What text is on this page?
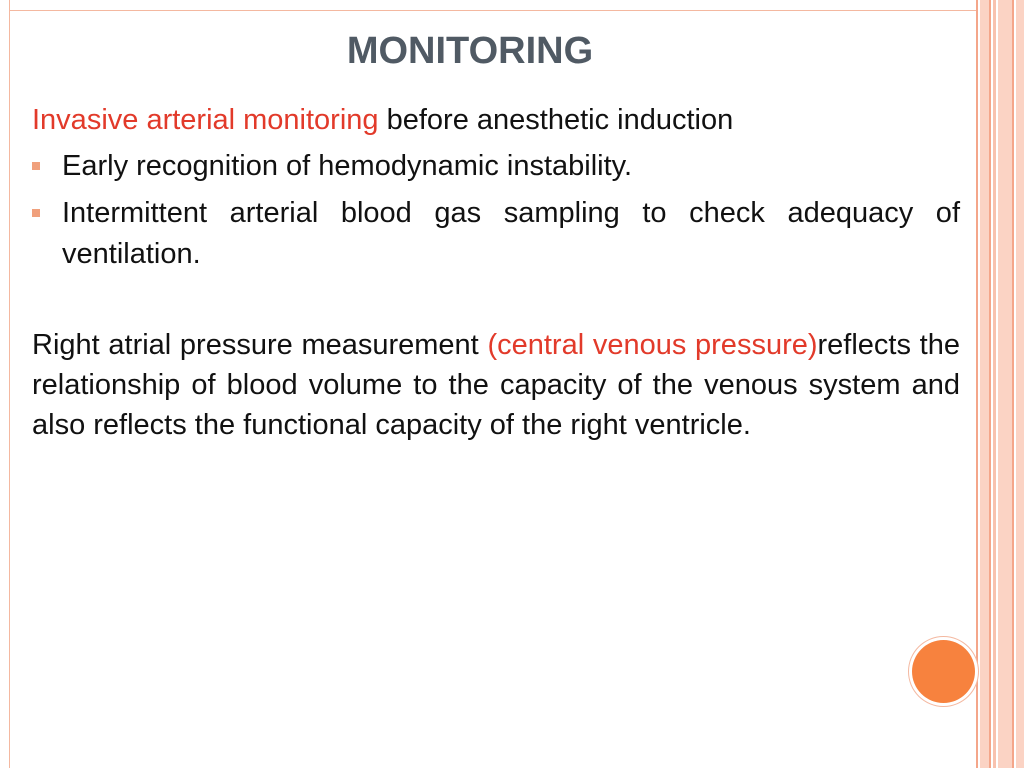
MONITORING

Invasive arterial monitoring before anesthetic induction

Early recognition of hemodynamic instability.
Intermittent arterial blood gas sampling to check adequacy of ventilation.

Right atrial pressure measurement (central venous pressure)reflects the relationship of blood volume to the capacity of the venous system and also reflects the functional capacity of the right ventricle.
